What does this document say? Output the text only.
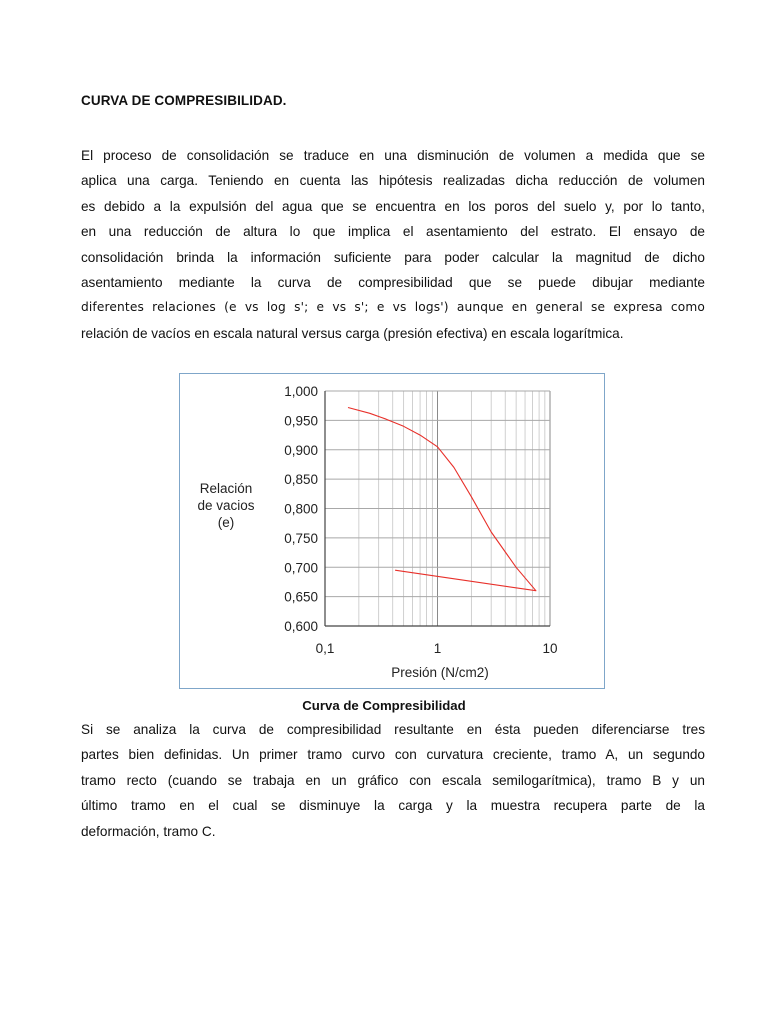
CURVA DE COMPRESIBILIDAD.

El proceso de consolidación se traduce en una disminución de volumen a medida que se
aplica una carga. Teniendo en cuenta las hipótesis realizadas dicha reducción de volumen
es debido a la expulsión del agua que se encuentra en los poros del suelo y, por lo tanto,
en una reducción de altura lo que implica el asentamiento del estrato. El ensayo de
consolidación brinda la información suficiente para poder calcular la magnitud de dicho
asentamiento mediante la curva de compresibilidad que se puede dibujar mediante
diferentes relaciones (e vs log s'; e vs s'; e vs logs') aunque en general se expresa como
relación de vacíos en escala natural versus carga (presión efectiva) en escala logarítmica.

0,600
0,650
0,700
0,750
0,800
0,850
0,900
0,950
1,000
0,1	1	10
Relación
de vacios
(e)
Presión (N/cm2)
Curva de Compresibilidad

Si se analiza la curva de compresibilidad resultante en ésta pueden diferenciarse tres
partes bien definidas. Un primer tramo curvo con curvatura creciente, tramo A, un segundo
tramo recto (cuando se trabaja en un gráfico con escala semilogarítmica), tramo B y un
último tramo en el cual se disminuye la carga y la muestra recupera parte de la
deformación, tramo C.
